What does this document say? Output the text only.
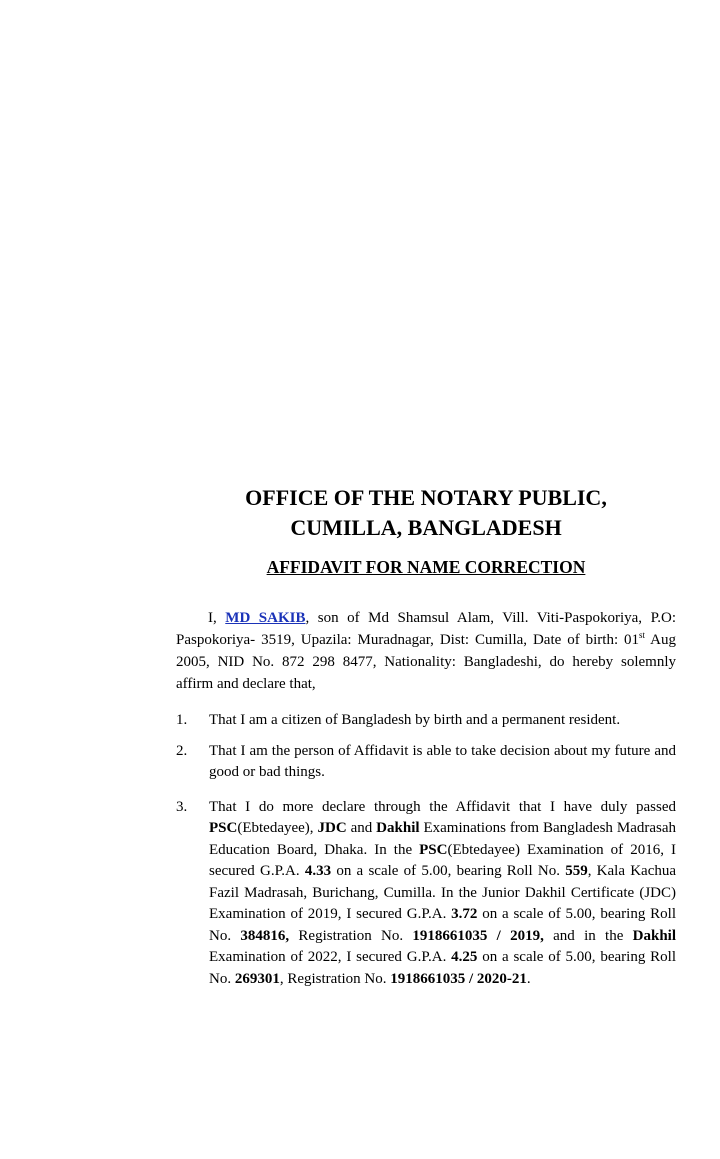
OFFICE OF THE NOTARY PUBLIC,
CUMILLA, BANGLADESH
AFFIDAVIT FOR NAME CORRECTION

I, MD SAKIB, son of Md Shamsul Alam, Vill. Viti-Paspokoriya, P.O: Paspokoriya- 3519, Upazila: Muradnagar, Dist: Cumilla, Date of birth: 01st Aug 2005, NID No. 872 298 8477, Nationality: Bangladeshi, do hereby solemnly affirm and declare that,

1. That I am a citizen of Bangladesh by birth and a permanent resident.

2. That I am the person of Affidavit is able to take decision about my future and good or bad things.

3. That I do more declare through the Affidavit that I have duly passed PSC(Ebtedayee), JDC and Dakhil Examinations from Bangladesh Madrasah Education Board, Dhaka. In the PSC(Ebtedayee) Examination of 2016, I secured G.P.A. 4.33 on a scale of 5.00, bearing Roll No. 559, Kala Kachua Fazil Madrasah, Burichang, Cumilla. In the Junior Dakhil Certificate (JDC) Examination of 2019, I secured G.P.A. 3.72 on a scale of 5.00, bearing Roll No. 384816, Registration No. 1918661035 / 2019, and in the Dakhil Examination of 2022, I secured G.P.A. 4.25 on a scale of 5.00, bearing Roll No. 269301, Registration No. 1918661035 / 2020-21.
